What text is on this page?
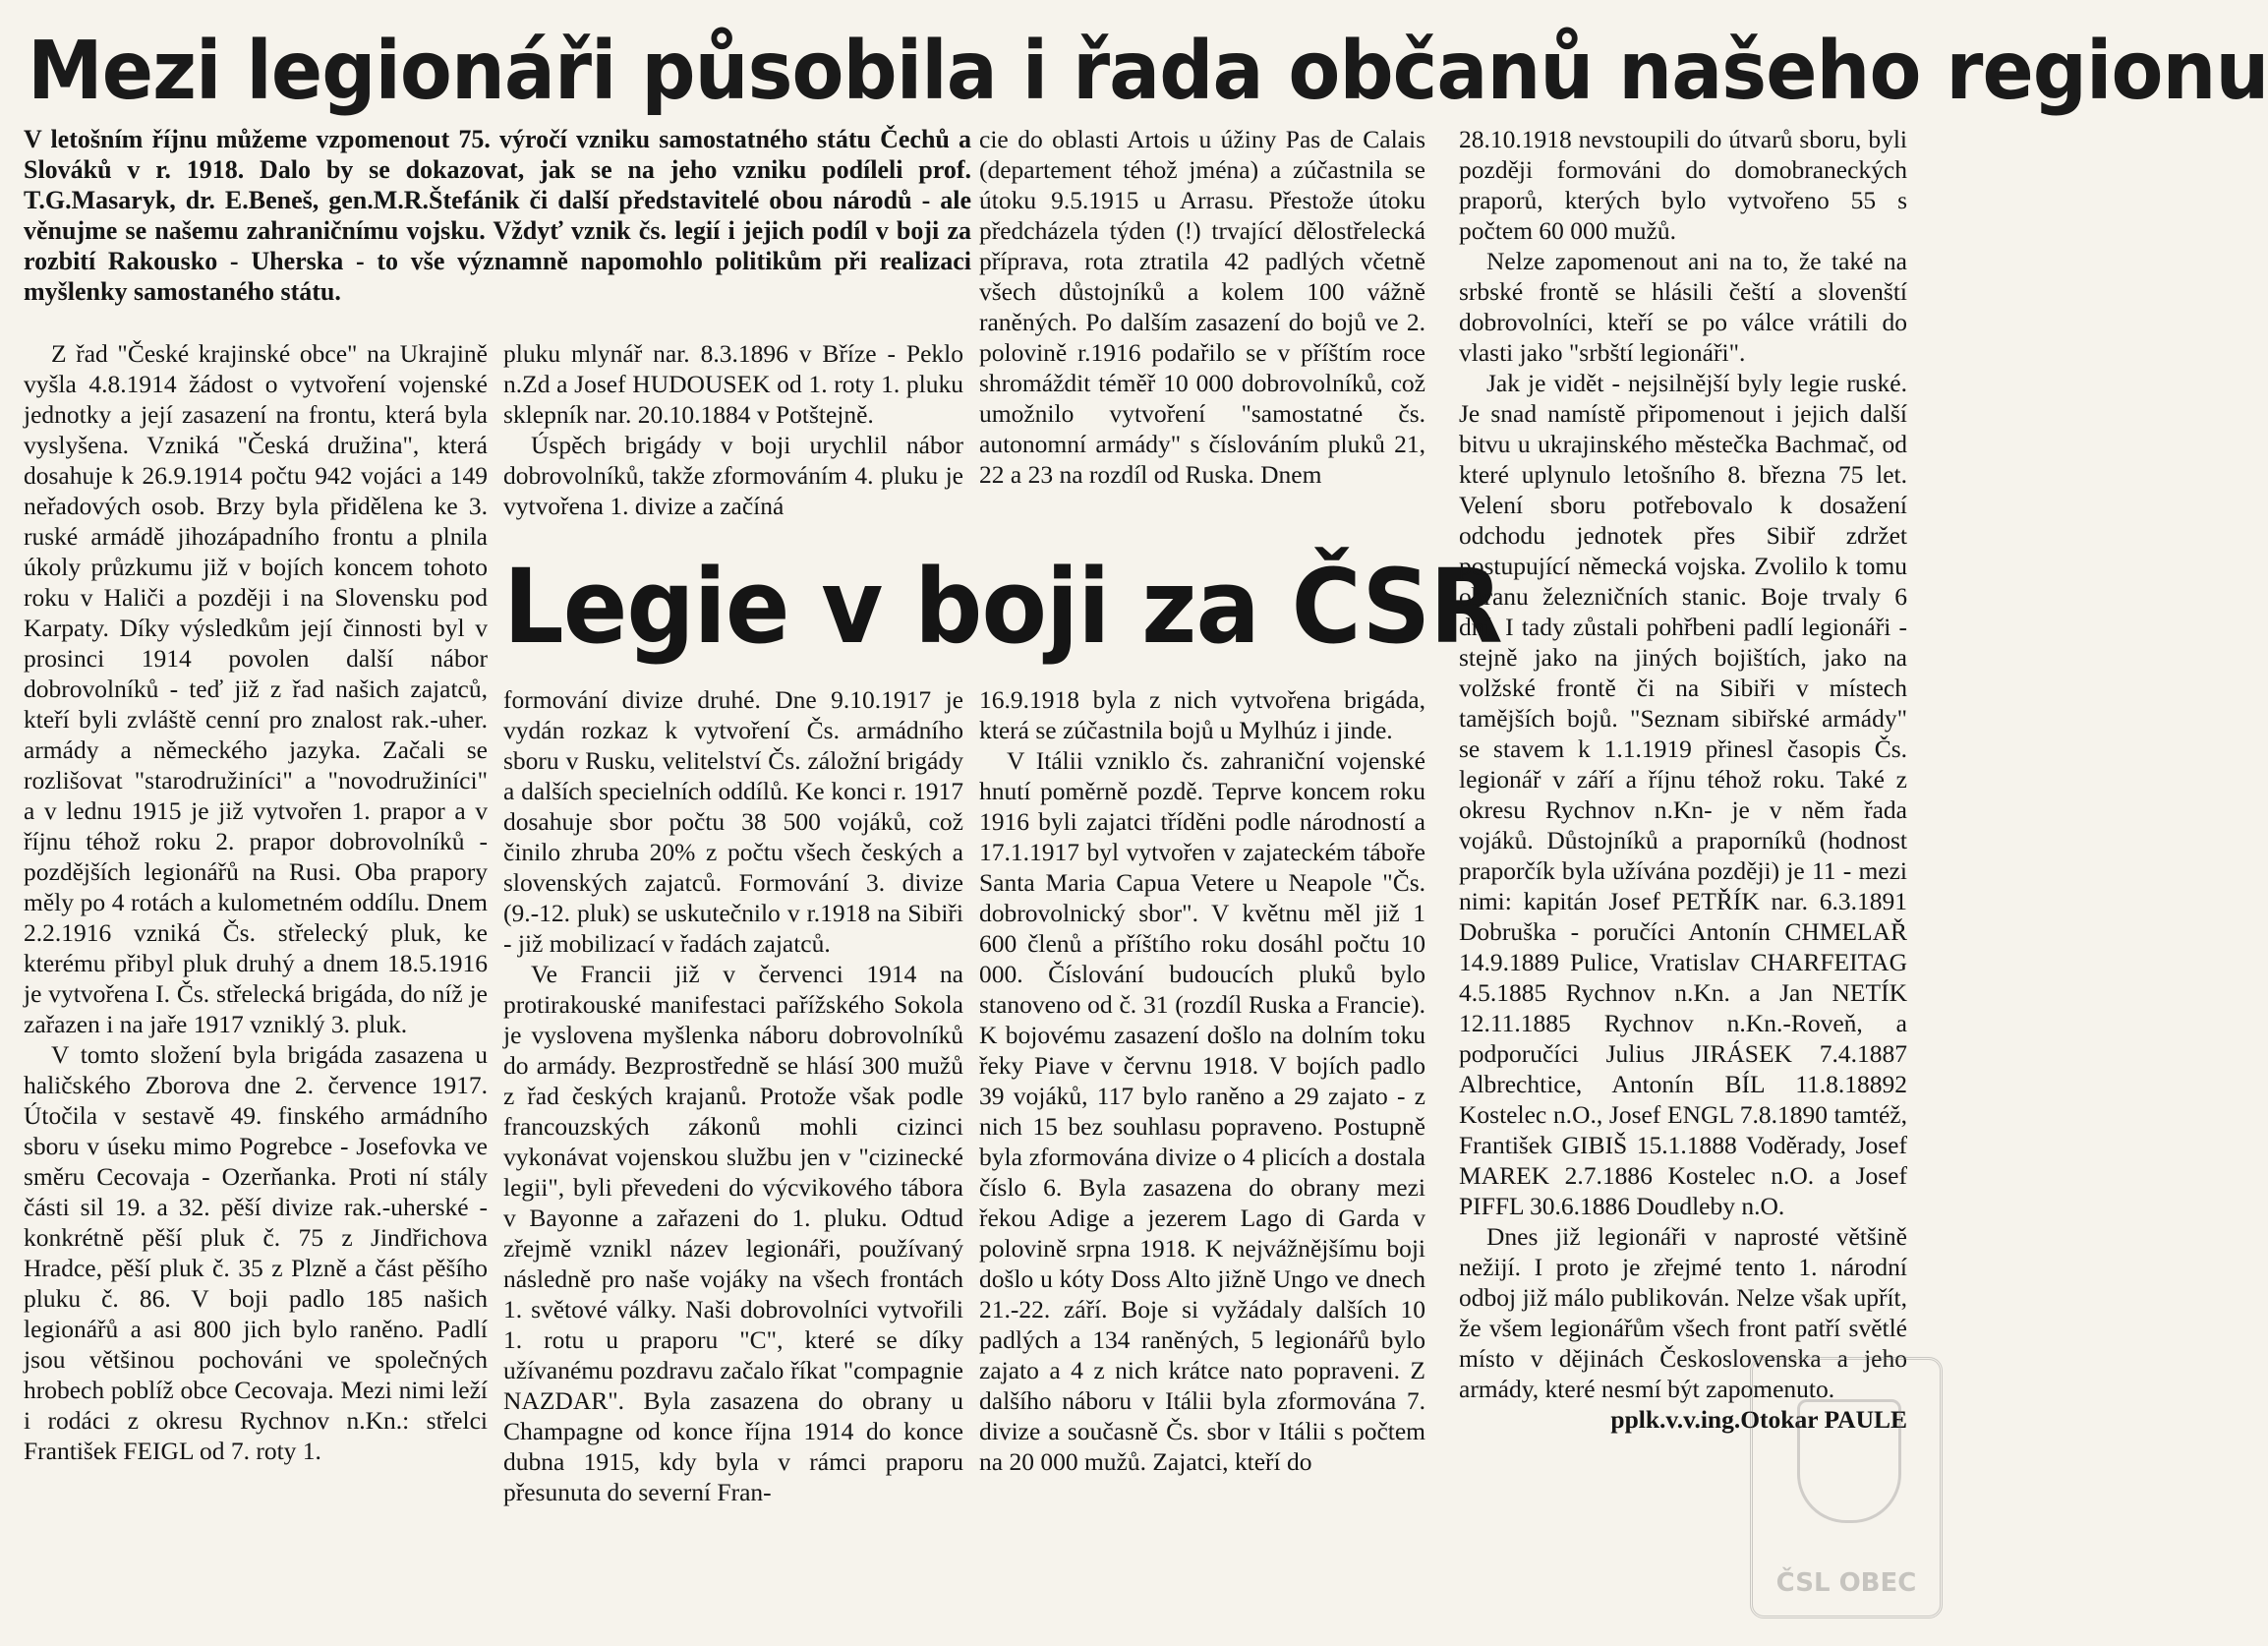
Mezi legionáři působila i řada občanů našeho regionu

V letošním říjnu můžeme vzpomenout 75. výročí vzniku samostatného státu Čechů a Slováků v r. 1918. Dalo by se dokazovat, jak se na jeho vzniku podíleli prof. T.G.Masaryk, dr. E.Beneš, gen.M.R.Štefánik či další představitelé obou národů - ale věnujme se našemu zahraničnímu vojsku. Vždyť vznik čs. legií i jejich podíl v boji za rozbití Rakousko - Uherska - to vše významně napomohlo politikům při realizaci myšlenky samostaného státu.

Z řad "České krajinské obce" na Ukrajině vyšla 4.8.1914 žádost o vytvoření vojenské jednotky a její zasazení na frontu, která byla vyslyšena. Vzniká "Česká družina", která dosahuje k 26.9.1914 počtu 942 vojáci a 149 neřadových osob. Brzy byla přidělena ke 3. ruské armádě jihozápadního frontu a plnila úkoly průzkumu již v bojích koncem tohoto roku v Haliči a později i na Slovensku pod Karpaty. Díky výsledkům její činnosti byl v prosinci 1914 povolen další nábor dobrovolníků - teď již z řad našich zajatců, kteří byli zvláště cenní pro znalost rak.-uher. armády a německého jazyka. Začali se rozlišovat "starodružiníci" a "novodružiníci" a v lednu 1915 je již vytvořen 1. prapor a v říjnu téhož roku 2. prapor dobrovolníků - pozdějších legionářů na Rusi. Oba prapory měly po 4 rotách a kulometném oddílu. Dnem 2.2.1916 vzniká Čs. střelecký pluk, ke kterému přibyl pluk druhý a dnem 18.5.1916 je vytvořena I. Čs. střelecká brigáda, do níž je zařazen i na jaře 1917 vzniklý 3. pluk.

V tomto složení byla brigáda zasazena u haličského Zborova dne 2. července 1917. Útočila v sestavě 49. finského armádního sboru v úseku mimo Pogrebce - Josefovka ve směru Cecovaja - Ozerňanka. Proti ní stály části sil 19. a 32. pěší divize rak.-uherské - konkrétně pěší pluk č. 75 z Jindřichova Hradce, pěší pluk č. 35 z Plzně a část pěšího pluku č. 86. V boji padlo 185 našich legionářů a asi 800 jich bylo raněno. Padlí jsou většinou pochováni ve společných hrobech poblíž obce Cecovaja. Mezi nimi leží i rodáci z okresu Rychnov n.Kn.: střelci František FEIGL od 7. roty 1.

pluku mlynář nar. 8.3.1896 v Bříze - Peklo n.Zd a Josef HUDOUSEK od 1. roty 1. pluku sklepník nar. 20.10.1884 v Potštejně.

Úspěch brigády v boji urychlil nábor dobrovolníků, takže zformováním 4. pluku je vytvořena 1. divize a začíná

cie do oblasti Artois u úžiny Pas de Calais (departement téhož jména) a zúčastnila se útoku 9.5.1915 u Arrasu. Přestože útoku předcházela týden (!) trvající dělostřelecká příprava, rota ztratila 42 padlých včetně všech důstojníků a kolem 100 vážně raněných. Po dalším zasazení do bojů ve 2. polovině r.1916 podařilo se v příštím roce shromáždit téměř 10 000 dobrovolníků, což umožnilo vytvoření "samostatné čs. autonomní armády" s číslováním pluků 21, 22 a 23 na rozdíl od Ruska. Dnem

Legie v boji za ČSR

formování divize druhé. Dne 9.10.1917 je vydán rozkaz k vytvoření Čs. armádního sboru v Rusku, velitelství Čs. záložní brigády a dalších specielních oddílů. Ke konci r. 1917 dosahuje sbor počtu 38 500 vojáků, což činilo zhruba 20% z počtu všech českých a slovenských zajatců. Formování 3. divize (9.-12. pluk) se uskutečnilo v r.1918 na Sibiři - již mobilizací v řadách zajatců.

Ve Francii již v červenci 1914 na protirakouské manifestaci pařížského Sokola je vyslovena myšlenka náboru dobrovolníků do armády. Bezprostředně se hlásí 300 mužů z řad českých krajanů. Protože však podle francouzských zákonů mohli cizinci vykonávat vojenskou službu jen v "cizinecké legii", byli převedeni do výcvikového tábora v Bayonne a zařazeni do 1. pluku. Odtud zřejmě vznikl název legionáři, používaný následně pro naše vojáky na všech frontách 1. světové války. Naši dobrovolníci vytvořili 1. rotu u praporu "C", které se díky užívanému pozdravu začalo říkat "compagnie NAZDAR". Byla zasazena do obrany u Champagne od konce října 1914 do konce dubna 1915, kdy byla v rámci praporu přesunuta do severní Fran-

16.9.1918 byla z nich vytvořena brigáda, která se zúčastnila bojů u Mylhúz i jinde.

V Itálii vzniklo čs. zahraniční vojenské hnutí poměrně pozdě. Teprve koncem roku 1916 byli zajatci tříděni podle národností a 17.1.1917 byl vytvořen v zajateckém táboře Santa Maria Capua Vetere u Neapole "Čs. dobrovolnický sbor". V květnu měl již 1 600 členů a příštího roku dosáhl počtu 10 000. Číslování budoucích pluků bylo stanoveno od č. 31 (rozdíl Ruska a Francie). K bojovému zasazení došlo na dolním toku řeky Piave v červnu 1918. V bojích padlo 39 vojáků, 117 bylo raněno a 29 zajato - z nich 15 bez souhlasu popraveno. Postupně byla zformována divize o 4 plicích a dostala číslo 6. Byla zasazena do obrany mezi řekou Adige a jezerem Lago di Garda v polovině srpna 1918. K nejvážnějšímu boji došlo u kóty Doss Alto jižně Ungo ve dnech 21.-22. září. Boje si vyžádaly dalších 10 padlých a 134 raněných, 5 legionářů bylo zajato a 4 z nich krátce nato popraveni. Z dalšího náboru v Itálii byla zformována 7. divize a současně Čs. sbor v Itálii s počtem na 20 000 mužů. Zajatci, kteří do

28.10.1918 nevstoupili do útvarů sboru, byli později formováni do domobraneckých praporů, kterých bylo vytvořeno 55 s počtem 60 000 mužů.

Nelze zapomenout ani na to, že také na srbské frontě se hlásili čeští a slovenští dobrovolníci, kteří se po válce vrátili do vlasti jako "srbští legionáři".

Jak je vidět - nejsilnější byly legie ruské. Je snad namístě připomenout i jejich další bitvu u ukrajinského městečka Bachmač, od které uplynulo letošního 8. března 75 let. Velení sboru potřebovalo k dosažení odchodu jednotek přes Sibiř zdržet postupující německá vojska. Zvolilo k tomu obranu železničních stanic. Boje trvaly 6 dní. I tady zůstali pohřbeni padlí legionáři - stejně jako na jiných bojištích, jako na volžské frontě či na Sibiři v místech tamějších bojů. "Seznam sibiřské armády" se stavem k 1.1.1919 přinesl časopis Čs. legionář v září a říjnu téhož roku. Také z okresu Rychnov n.Kn- je v něm řada vojáků. Důstojníků a praporníků (hodnost praporčík byla užívána později) je 11 - mezi nimi: kapitán Josef PETŘÍK nar. 6.3.1891 Dobruška - poručíci Antonín CHMELAŘ 14.9.1889 Pulice, Vratislav CHARFEITAG 4.5.1885 Rychnov n.Kn. a Jan NETÍK 12.11.1885 Rychnov n.Kn.-Roveň, a podporučíci Julius JIRÁSEK 7.4.1887 Albrechtice, Antonín BÍL 11.8.18892 Kostelec n.O., Josef ENGL 7.8.1890 tamtéž, František GIBIŠ 15.1.1888 Voděrady, Josef MAREK 2.7.1886 Kostelec n.O. a Josef PIFFL 30.6.1886 Doudleby n.O.

Dnes již legionáři v naprosté většině nežijí. I proto je zřejmé tento 1. národní odboj již málo publikován. Nelze však upřít, že všem legionářům všech front patří světlé místo v dějinách Československa a jeho armády, které nesmí být zapomenuto.

pplk.v.v.ing.Otokar PAULE

ČSL OBEC
